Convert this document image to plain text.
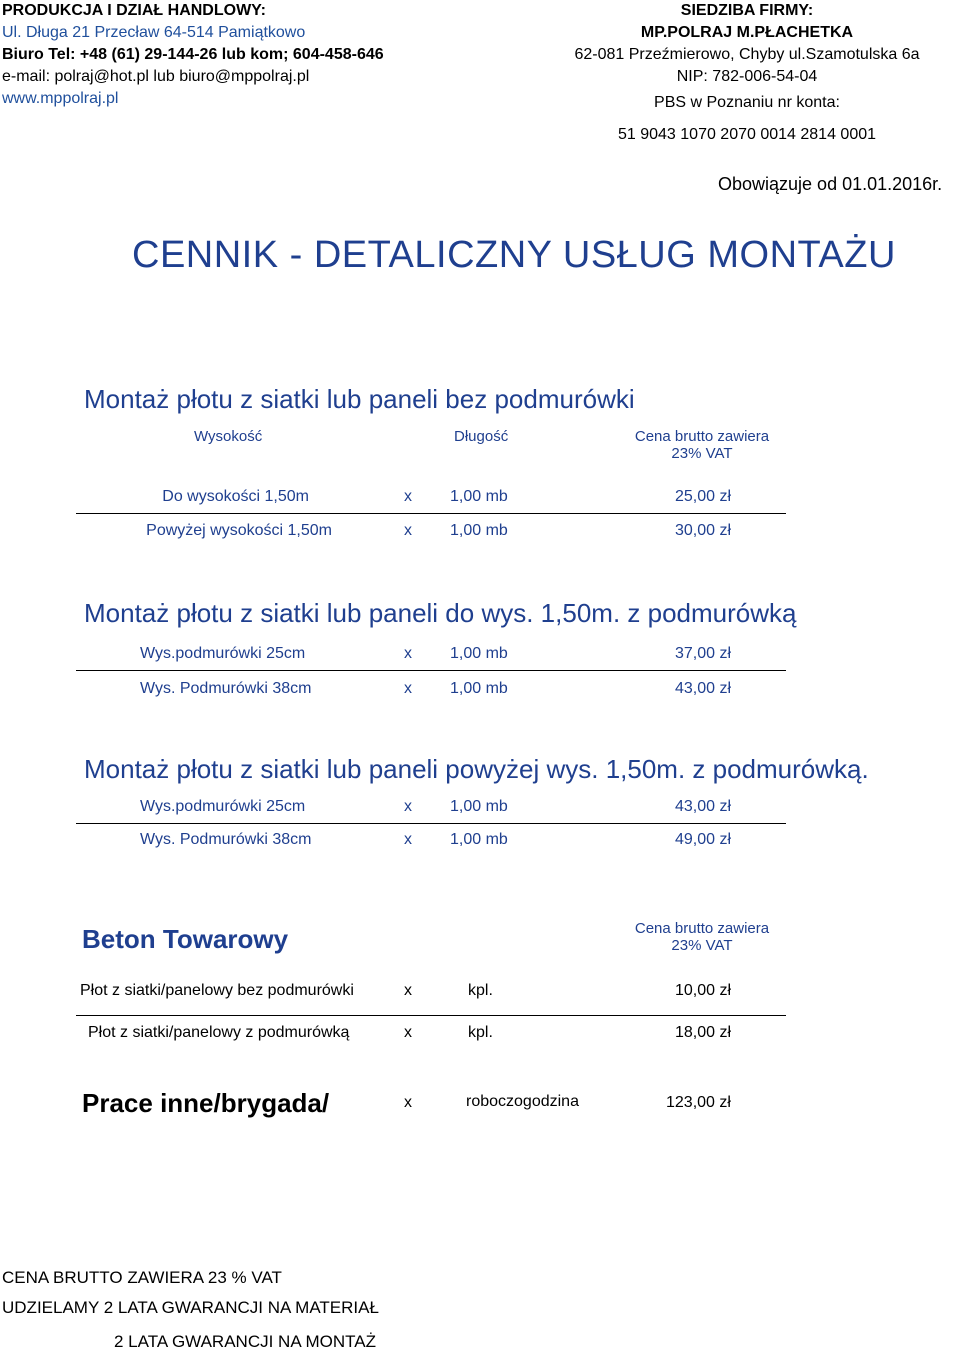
PRODUKCJA I DZIAŁ HANDLOWY:
Ul. Długa 21 Przecław 64-514 Pamiątkowo
Biuro Tel: +48 (61) 29-144-26 lub kom; 604-458-646
e-mail: polraj@hot.pl lub biuro@mppolraj.pl
www.mppolraj.pl
SIEDZIBA FIRMY:
MP.POLRAJ M.PŁACHETKA
62-081 Przeźmierowo, Chyby ul.Szamotulska 6a
NIP: 782-006-54-04
PBS w Poznaniu nr konta:
51 9043 1070 2070 0014 2814 0001
Obowiązuje od 01.01.2016r.
CENNIK - DETALICZNY USŁUG MONTAŻU
Montaż płotu z siatki lub paneli bez podmurówki
Wysokość	Długość	Cena brutto zawiera
23% VAT
Do wysokości 1,50m	x 1,00 mb	25,00 zł
Powyżej wysokości 1,50m	x 1,00 mb	30,00 zł
Montaż płotu z siatki lub paneli do wys. 1,50m. z podmurówką
Wys.podmurówki 25cm	x 1,00 mb	37,00 zł
Wys. Podmurówki 38cm	x 1,00 mb	43,00 zł
Montaż płotu z siatki lub paneli powyżej wys. 1,50m. z podmurówką.
Wys.podmurówki 25cm	x 1,00 mb	43,00 zł
Wys. Podmurówki 38cm	x 1,00 mb	49,00 zł
Beton Towarowy	Cena brutto zawiera
23% VAT
Płot z siatki/panelowy bez podmurówki	x	kpl.	10,00 zł
Płot z siatki/panelowy z podmurówką	x	kpl.	18,00 zł
Prace inne/brygada/	x	roboczogodzina	123,00 zł
CENA BRUTTO ZAWIERA 23 % VAT
UDZIELAMY 2 LATA GWARANCJI NA MATERIAŁ
2 LATA GWARANCJI NA MONTAŻ
